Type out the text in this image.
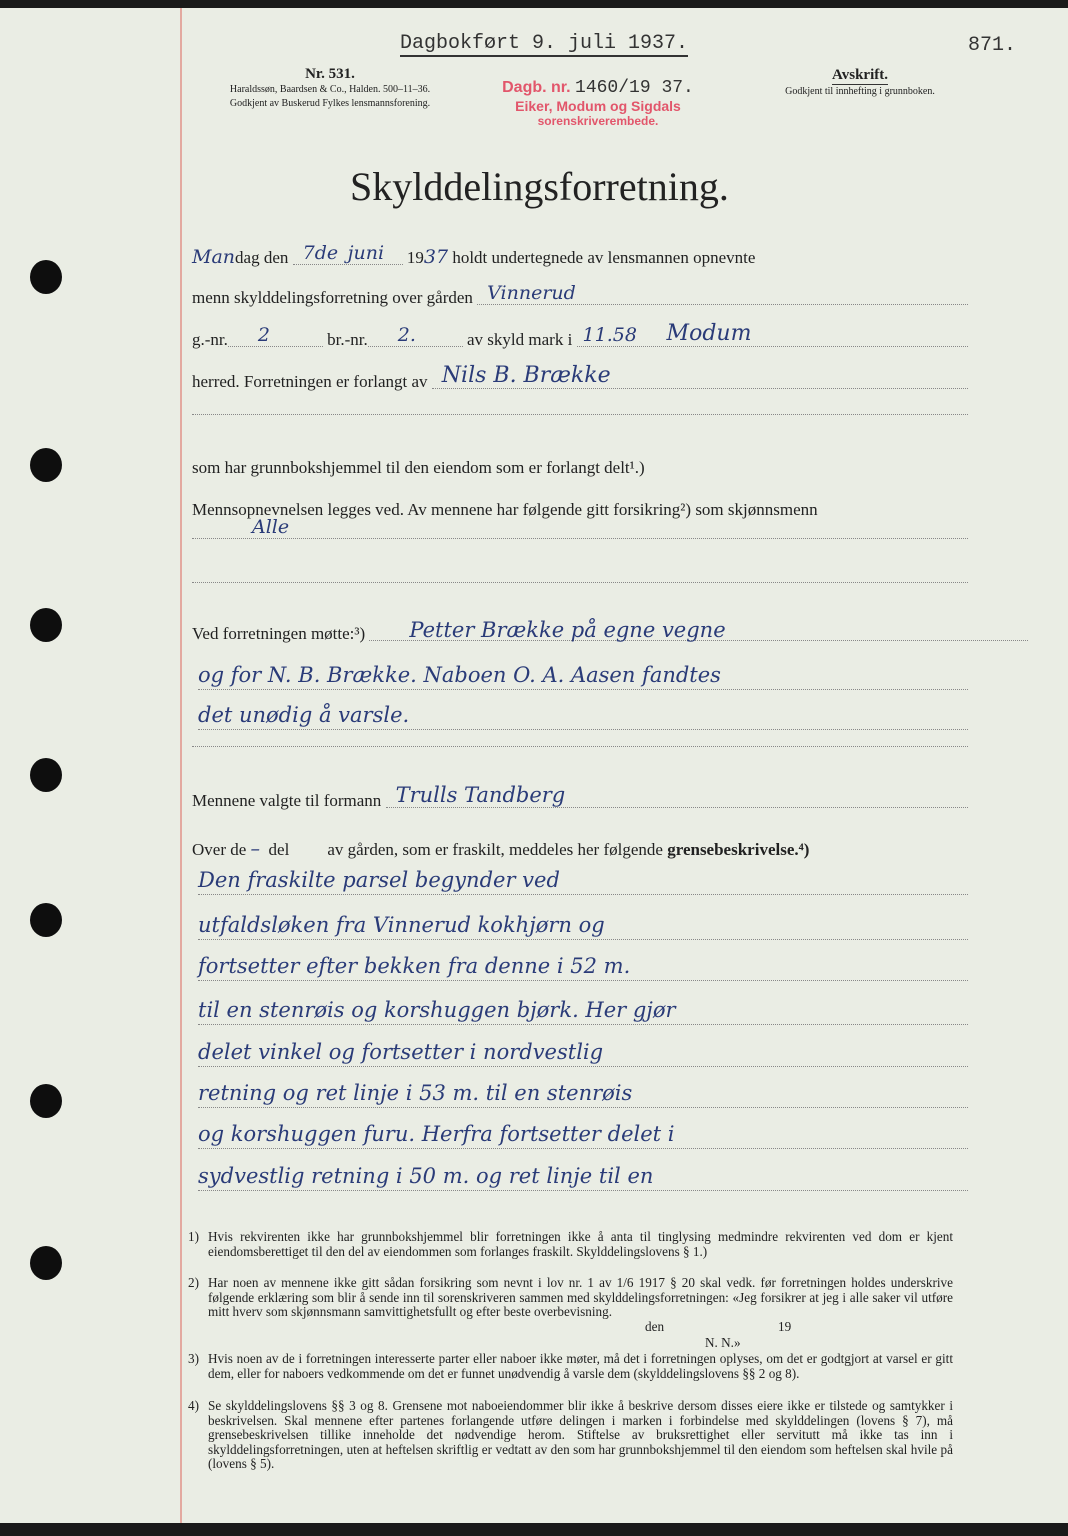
Dagbokført 9. juli 1937.	871.
Nr. 531.
Haraldssøn, Baardsen & Co., Halden. 500–11–36.
Godkjent av Buskerud Fylkes lensmannsforening.
Dagb. nr. 1460/19 37.
Eiker, Modum og Sigdals
sorenskriverembede.
Avskrift.
Godkjent til innhefting i grunnboken.
Skylddelingsforretning.
Man dag den
7de juni
19 37
holdt undertegnede av lensmannen opnevnte
menn skylddelingsforretning over gården
Vinnerud
g.-nr. 2
	br.-nr. 2.
	av skyld mark i
11.58 Modum
herred. Forretningen er forlangt av
Nils B. Brække
som har grunnbokshjemmel til den eiendom som er forlangt delt¹.)
Mennsopnevnelsen legges ved. Av mennene har følgende gitt forsikring²) som skjønnsmenn
Alle
Ved forretningen møtte:³)
Petter Brække på egne vegne
og for N. B. Brække. Naboen O. A. Aasen fandtes
det unødig å varsle.
Mennene valgte til formann
Trulls Tandberg
Over de
–
del av gården, som er fraskilt, meddeles her følgende
grensebeskrivelse.⁴)
Den fraskilte parsel begynder ved
utfaldsløken fra Vinnerud kokhjørn og
fortsetter efter bekken fra denne i 52 m.
til en stenrøis og korshuggen bjørk. Her gjør
delet vinkel og fortsetter i nordvestlig
retning og ret linje i 53 m. til en stenrøis
og korshuggen furu. Herfra fortsetter delet i
sydvestlig retning i 50 m. og ret linje til en
1) Hvis rekvirenten ikke har grunnbokshjemmel blir forretningen ikke å anta til tinglysing medmindre rekvirenten ved dom er kjent eiendomsberettiget til den del av eiendommen som forlanges fraskilt. Skylddelingslovens § 1.)
2) Har noen av mennene ikke gitt sådan forsikring som nevnt i lov nr. 1 av 1/6 1917 § 20 skal vedk. før forretningen holdes underskrive følgende erklæring som blir å sende inn til sorenskriveren sammen med skylddelingsforretningen: «Jeg forsikrer at jeg i alle saker vil utføre mitt hverv som skjønnsmann samvittighetsfullt og efter beste overbevisning.
den	19
N. N.»
3) Hvis noen av de i forretningen interesserte parter eller naboer ikke møter, må det i forretningen oplyses, om det er godtgjort at varsel er gitt dem, eller for naboers vedkommende om det er funnet unødvendig å varsle dem (skylddelingslovens §§ 2 og 8).
4) Se skylddelingslovens §§ 3 og 8. Grensene mot naboeiendommer blir ikke å beskrive dersom disses eiere ikke er tilstede og samtykker i beskrivelsen. Skal mennene efter partenes forlangende utføre delingen i marken i forbindelse med skylddelingen (lovens § 7), må grensebeskrivelsen tillike inneholde det nødvendige herom. Stiftelse av bruksrettighet eller servitutt må ikke tas inn i skylddelingsforretningen, uten at heftelsen skriftlig er vedtatt av den som har grunnbokshjemmel til den eiendom som heftelsen skal hvile på (lovens § 5).
